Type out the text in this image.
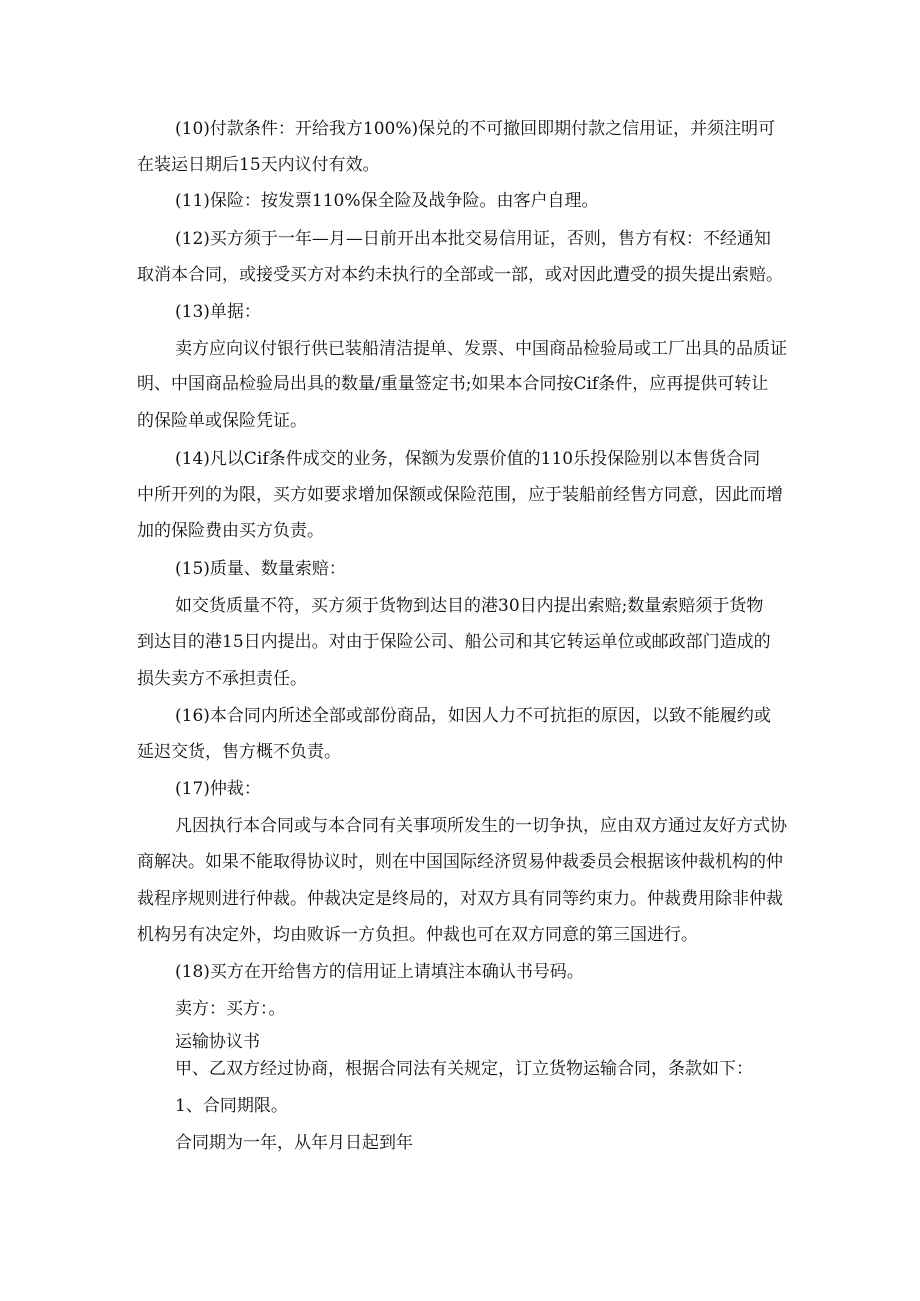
(10)付款条件：开给我方100%)保兑的不可撤回即期付款之信用证，并须注明可
在装运日期后15天内议付有效。
(11)保险：按发票110%保全险及战争险。由客户自理。
(12)买方须于一年—月—日前开出本批交易信用证，否则，售方有权：不经通知
取消本合同，或接受买方对本约未执行的全部或一部，或对因此遭受的损失提出索赔。
(13)单据：
卖方应向议付银行供已装船清洁提单、发票、中国商品检验局或工厂出具的品质证
明、中国商品检验局出具的数量/重量签定书;如果本合同按Cif条件，应再提供可转让
的保险单或保险凭证。
(14)凡以Cif条件成交的业务，保额为发票价值的110乐投保险别以本售货合同
中所开列的为限，买方如要求增加保额或保险范围，应于装船前经售方同意，因此而增
加的保险费由买方负责。
(15)质量、数量索赔：
如交货质量不符，买方须于货物到达目的港30日内提出索赔;数量索赔须于货物
到达目的港15日内提出。对由于保险公司、船公司和其它转运单位或邮政部门造成的
损失卖方不承担责任。
(16)本合同内所述全部或部份商品，如因人力不可抗拒的原因，以致不能履约或
延迟交货，售方概不负责。
(17)仲裁：
凡因执行本合同或与本合同有关事项所发生的一切争执，应由双方通过友好方式协
商解决。如果不能取得协议时，则在中国国际经济贸易仲裁委员会根据该仲裁机构的仲
裁程序规则进行仲裁。仲裁决定是终局的，对双方具有同等约束力。仲裁费用除非仲裁
机构另有决定外，均由败诉一方负担。仲裁也可在双方同意的第三国进行。
(18)买方在开给售方的信用证上请填注本确认书号码。
卖方：买方：。
运输协议书
甲、乙双方经过协商，根据合同法有关规定，订立货物运输合同，条款如下：
1、合同期限。
合同期为一年，从年月日起到年
